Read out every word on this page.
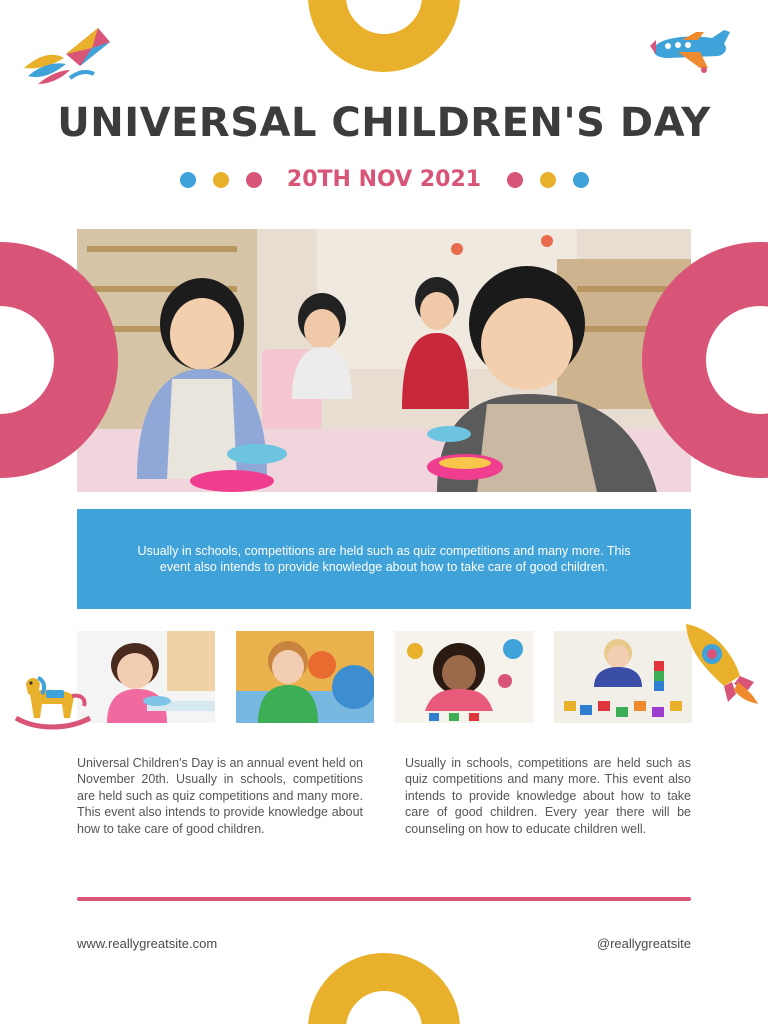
UNIVERSAL CHILDREN'S DAY
20TH NOV 2021

Usually in schools, competitions are held such as quiz competitions and many more. This event also intends to provide knowledge about how to take care of good children.

Universal Children's Day is an annual event held on November 20th. Usually in schools, competitions are held such as quiz competitions and many more. This event also intends to provide knowledge about how to take care of good children.

Usually in schools, competitions are held such as quiz competitions and many more. This event also intends to provide knowledge about how to take care of good children. Every year there will be counseling on how to educate children well.

www.reallygreatsite.com	@reallygreatsite
